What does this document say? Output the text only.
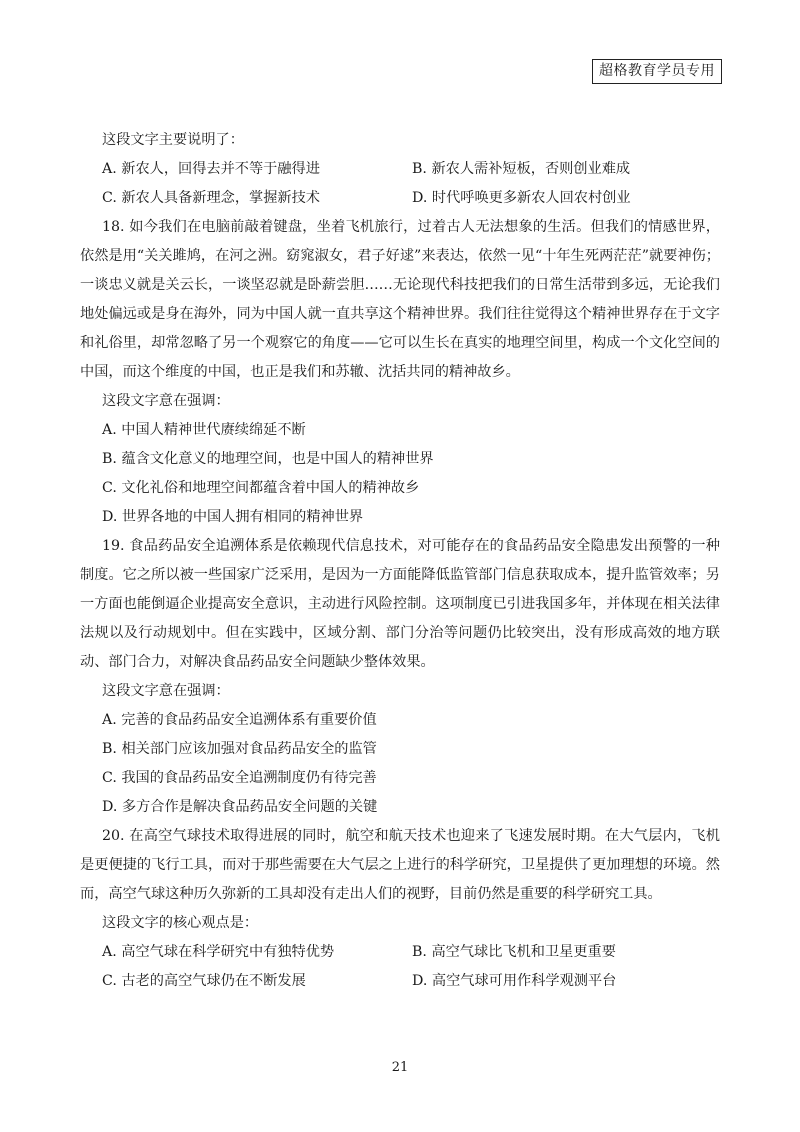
超格教育学员专用

这段文字主要说明了：

A. 新农人，回得去并不等于融得进	B. 新农人需补短板，否则创业难成
C. 新农人具备新理念，掌握新技术	D. 时代呼唤更多新农人回农村创业

18. 如今我们在电脑前敲着键盘，坐着飞机旅行，过着古人无法想象的生活。但我们的情感世界，依然是用“关关雎鸠，在河之洲。窈窕淑女，君子好逑”来表达，依然一见“十年生死两茫茫”就要神伤；一谈忠义就是关云长，一谈坚忍就是卧薪尝胆……无论现代科技把我们的日常生活带到多远，无论我们地处偏远或是身在海外，同为中国人就一直共享这个精神世界。我们往往觉得这个精神世界存在于文字和礼俗里，却常忽略了另一个观察它的角度——它可以生长在真实的地理空间里，构成一个文化空间的中国，而这个维度的中国，也正是我们和苏辙、沈括共同的精神故乡。

这段文字意在强调：

A. 中国人精神世代赓续绵延不断

B. 蕴含文化意义的地理空间，也是中国人的精神世界

C. 文化礼俗和地理空间都蕴含着中国人的精神故乡

D. 世界各地的中国人拥有相同的精神世界

19. 食品药品安全追溯体系是依赖现代信息技术，对可能存在的食品药品安全隐患发出预警的一种制度。它之所以被一些国家广泛采用，是因为一方面能降低监管部门信息获取成本，提升监管效率；另一方面也能倒逼企业提高安全意识，主动进行风险控制。这项制度已引进我国多年，并体现在相关法律法规以及行动规划中。但在实践中，区域分割、部门分治等问题仍比较突出，没有形成高效的地方联动、部门合力，对解决食品药品安全问题缺少整体效果。

这段文字意在强调：

A. 完善的食品药品安全追溯体系有重要价值

B. 相关部门应该加强对食品药品安全的监管

C. 我国的食品药品安全追溯制度仍有待完善

D. 多方合作是解决食品药品安全问题的关键

20. 在高空气球技术取得进展的同时，航空和航天技术也迎来了飞速发展时期。在大气层内，飞机是更便捷的飞行工具，而对于那些需要在大气层之上进行的科学研究，卫星提供了更加理想的环境。然而，高空气球这种历久弥新的工具却没有走出人们的视野，目前仍然是重要的科学研究工具。

这段文字的核心观点是：

A. 高空气球在科学研究中有独特优势	B. 高空气球比飞机和卫星更重要
C. 古老的高空气球仍在不断发展	D. 高空气球可用作科学观测平台
21
